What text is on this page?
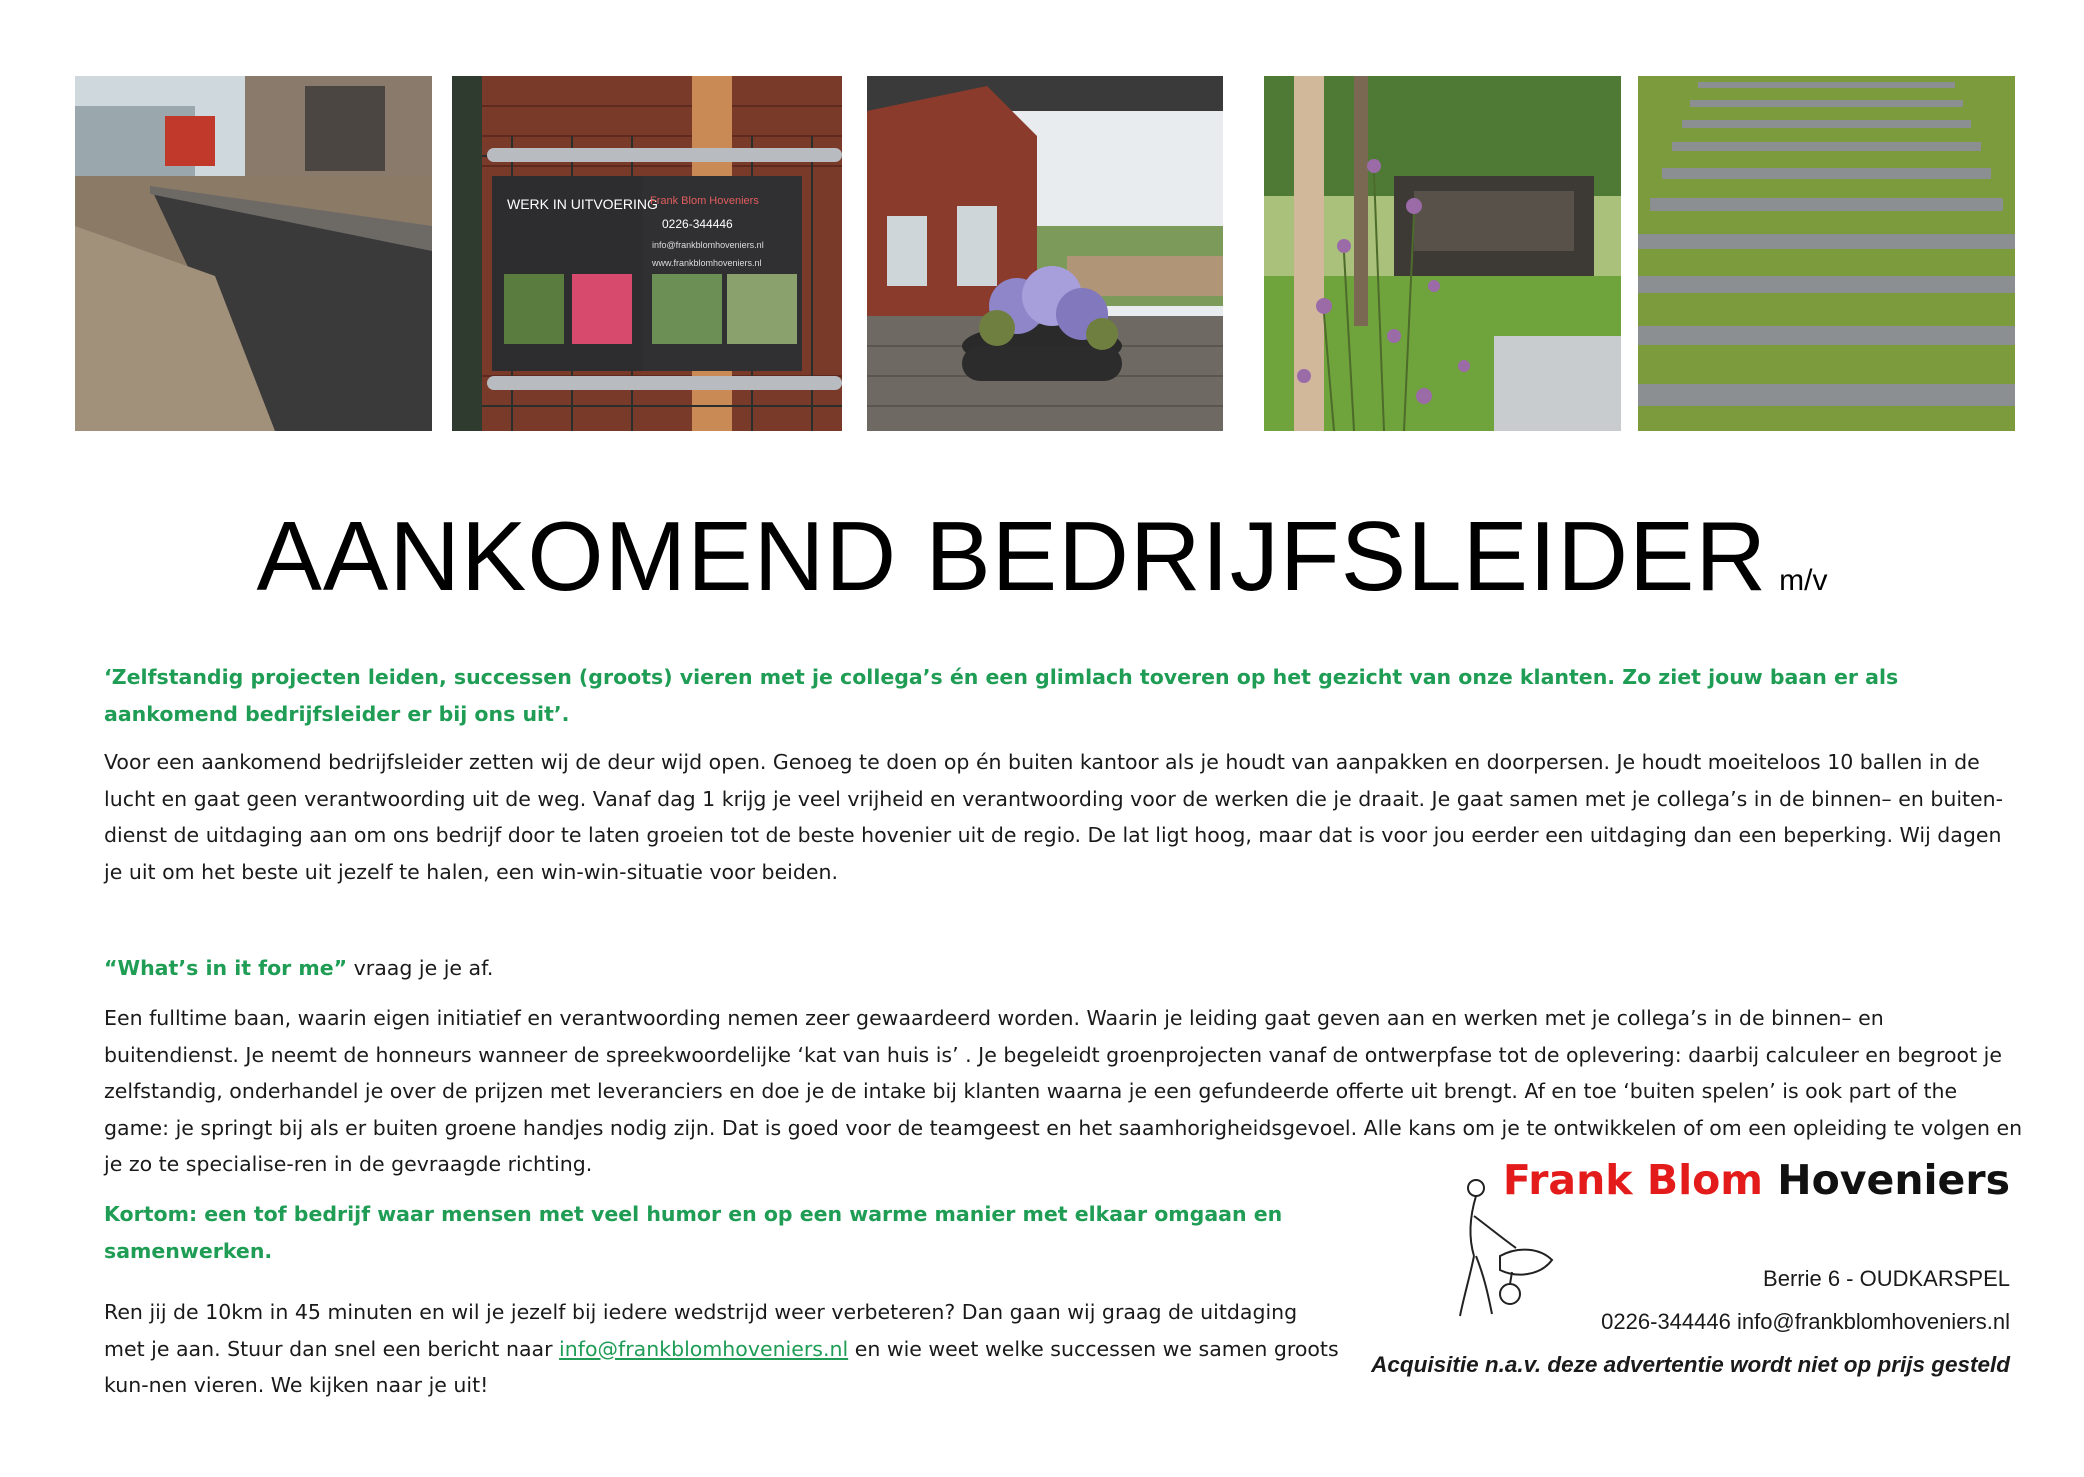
WERK IN UITVOERING
Frank Blom Hoveniers
0226-344446
info@frankblomhoveniers.nl
www.frankblomhoveniers.nl
AANKOMEND BEDRIJFSLEIDER m/v
‘Zelfstandig projecten leiden, successen (groots) vieren met je collega’s én een glimlach toveren op het gezicht van onze klanten. Zo ziet jouw baan er als aankomend bedrijfsleider er bij ons uit’.
Voor een aankomend bedrijfsleider zetten wij de deur wijd open. Genoeg te doen op én buiten kantoor als je houdt van aanpakken en doorpersen. Je houdt moeiteloos 10 ballen in de lucht en gaat geen verantwoording uit de weg. Vanaf dag 1 krijg je veel vrijheid en verantwoording voor de werken die je draait. Je gaat samen met je collega’s in de binnen– en buiten-dienst de uitdaging aan om ons bedrijf door te laten groeien tot de beste hovenier uit de regio. De lat ligt hoog, maar dat is voor jou eerder een uitdaging dan een beperking. Wij dagen je uit om het beste uit jezelf te halen, een win-win-situatie voor beiden.
“What’s in it for me” vraag je je af.
Een fulltime baan, waarin eigen initiatief en verantwoording nemen zeer gewaardeerd worden. Waarin je leiding gaat geven aan en werken met je collega’s in de binnen– en buitendienst. Je neemt de honneurs wanneer de spreekwoordelijke ‘kat van huis is’ . Je begeleidt groenprojecten vanaf de ontwerpfase tot de oplevering: daarbij calculeer en begroot je zelfstandig, onderhandel je over de prijzen met leveranciers en doe je de intake bij klanten waarna je een gefundeerde offerte uit brengt. Af en toe ‘buiten spelen’ is ook part of the game: je springt bij als er buiten groene handjes nodig zijn. Dat is goed voor de teamgeest en het saamhorigheidsgevoel. Alle kans om je te ontwikkelen of om een opleiding te volgen en je zo te specialise-ren in de gevraagde richting.
Kortom: een tof bedrijf waar mensen met veel humor en op een warme manier met elkaar omgaan en samenwerken.
Ren jij de 10km in 45 minuten en wil je jezelf bij iedere wedstrijd weer verbeteren? Dan gaan wij graag de uitdaging met je aan. Stuur dan snel een bericht naar info@frankblomhoveniers.nl en wie weet welke successen we samen groots kun-nen vieren. We kijken naar je uit!
Frank Blom Hoveniers
Berrie 6 - OUDKARSPEL
0226-344446 info@frankblomhoveniers.nl
Acquisitie n.a.v. deze advertentie wordt niet op prijs gesteld
